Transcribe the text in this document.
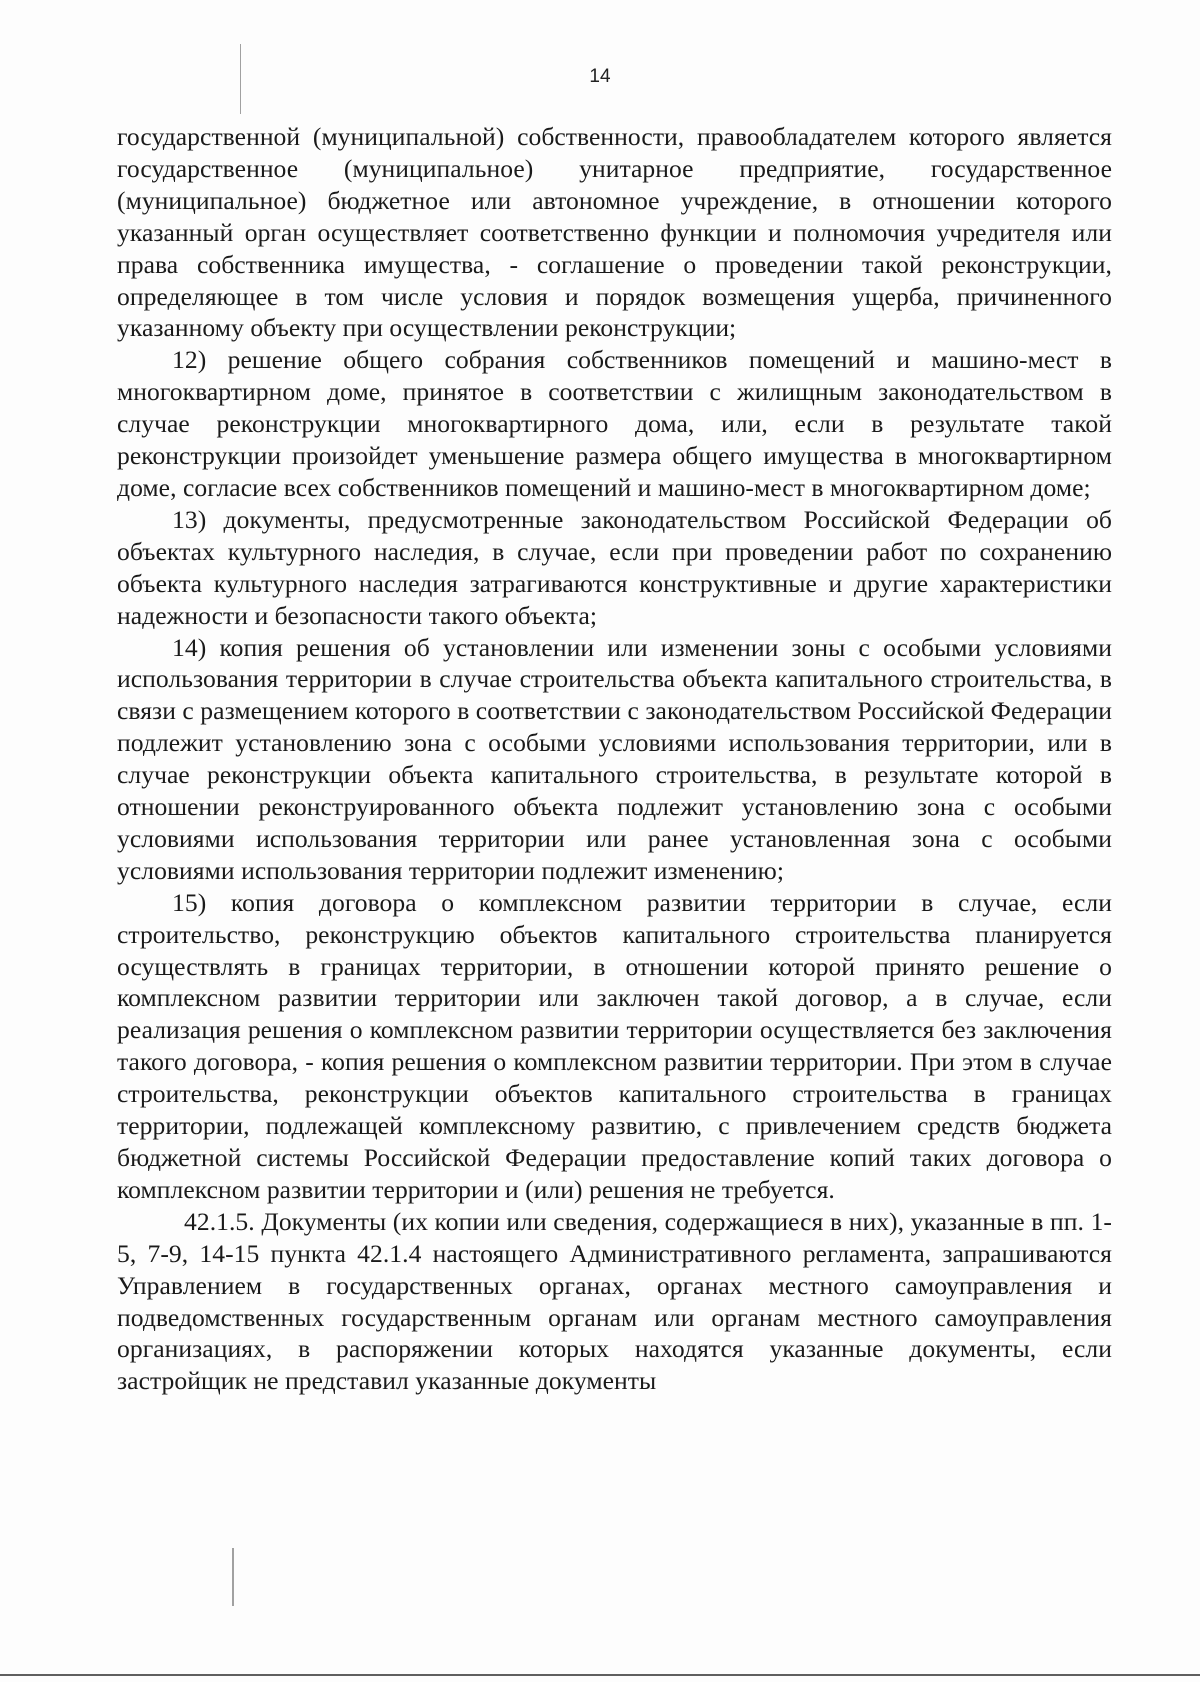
14

государственной (муниципальной) собственности, правообладателем которого является государственное (муниципальное) унитарное предприятие, государственное (муниципальное) бюджетное или автономное учреждение, в отношении которого указанный орган осуществляет соответственно функции и полномочия учредителя или права собственника имущества, - соглашение о проведении такой реконструкции, определяющее в том числе условия и порядок возмещения ущерба, причиненного указанному объекту при осуществлении реконструкции;

12) решение общего собрания собственников помещений и машино-мест в многоквартирном доме, принятое в соответствии с жилищным законодательством в случае реконструкции многоквартирного дома, или, если в результате такой реконструкции произойдет уменьшение размера общего имущества в многоквартирном доме, согласие всех собственников помещений и машино-мест в многоквартирном доме;

13) документы, предусмотренные законодательством Российской Федерации об объектах культурного наследия, в случае, если при проведении работ по сохранению объекта культурного наследия затрагиваются конструктивные и другие характеристики надежности и безопасности такого объекта;

14) копия решения об установлении или изменении зоны с особыми условиями использования территории в случае строительства объекта капитального строительства, в связи с размещением которого в соответствии с законодательством Российской Федерации подлежит установлению зона с особыми условиями использования территории, или в случае реконструкции объекта капитального строительства, в результате которой в отношении реконструированного объекта подлежит установлению зона с особыми условиями использования территории или ранее установленная зона с особыми условиями использования территории подлежит изменению;

15) копия договора о комплексном развитии территории в случае, если строительство, реконструкцию объектов капитального строительства планируется осуществлять в границах территории, в отношении которой принято решение о комплексном развитии территории или заключен такой договор, а в случае, если реализация решения о комплексном развитии территории осуществляется без заключения такого договора, - копия решения о комплексном развитии территории. При этом в случае строительства, реконструкции объектов капитального строительства в границах территории, подлежащей комплексному развитию, с привлечением средств бюджета бюджетной системы Российской Федерации предоставление копий таких договора о комплексном развитии территории и (или) решения не требуется.

42.1.5. Документы (их копии или сведения, содержащиеся в них), указанные в пп. 1-5, 7-9, 14-15 пункта 42.1.4 настоящего Административного регламента, запрашиваются Управлением в государственных органах, органах местного самоуправления и подведомственных государственным органам или органам местного самоуправления организациях, в распоряжении которых находятся указанные документы, если застройщик не представил указанные документы
